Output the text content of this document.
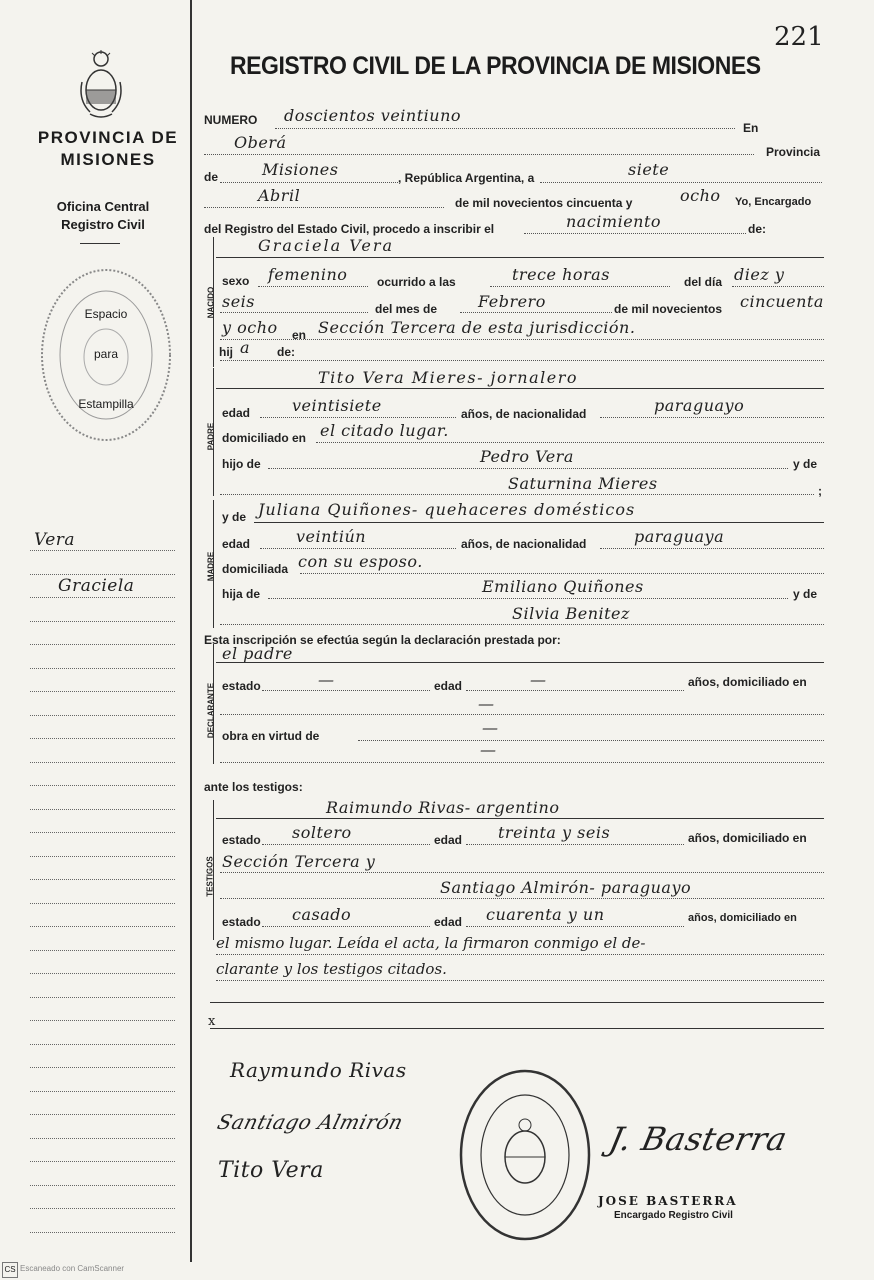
221
PROVINCIA DE MISIONES
Oficina Central Registro Civil
Espacio
para
Estampilla
Vera
Graciela
REGISTRO CIVIL DE LA PROVINCIA DE MISIONES
NUMERO doscientos veintiuno
En
Oberá	Provincia
de	Misiones	, República Argentina, a	siete
Abril	de mil novecientos cincuenta y	ocho Yo, Encargado
del Registro del Estado Civil, procedo a inscribir el	nacimiento	de:
NACIDO
Graciela Vera
sexo femenino ocurrido a las	trece horas	del día diez y
seis	del mes de	Febrero	de mil novecientos cincuenta
y ocho en Sección Tercera de esta jurisdicción.
hij a de:
PADRE
Tito Vera Mieres- jornalero
edad	veintisiete	años, de nacionalidad	paraguayo
domiciliado en el citado lugar.
hijo de	Pedro Vera	y de
Saturnina Mieres	;
MADRE
y de Juliana Quiñones- quehaceres domésticos
edad	veintiún	años, de nacionalidad	paraguaya
domiciliada con su esposo.
hija de	Emiliano Quiñones	y de
Silvia Benitez
Esta inscripción se efectúa según la declaración prestada por:
DECLARANTE
el padre
estado	—	edad	—	años, domiciliado en
—
obra en virtud de	—
—
ante los testigos:
TESTIGOS
Raimundo Rivas- argentino
estado soltero	edad treinta y seis	años, domiciliado en
Sección Tercera y
Santiago Almirón- paraguayo
estado casado	edad cuarenta y un	años, domiciliado en
el mismo lugar. Leída el acta, la firmaron conmigo el de-
clarante y los testigos citados.
x
Raymundo Rivas
Santiago Almirón
Tito Vera
J. Basterra
JOSE BASTERRA
Encargado Registro Civil
CS Escaneado con CamScanner
